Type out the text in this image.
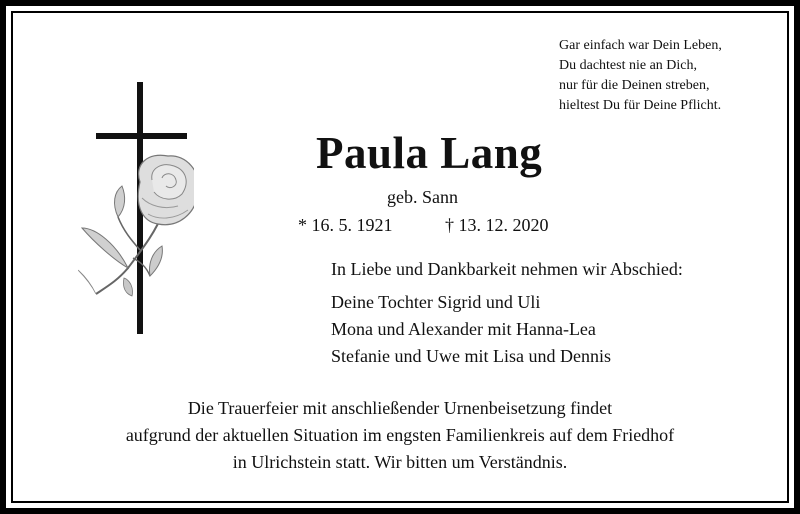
Gar einfach war Dein Leben,
Du dachtest nie an Dich,
nur für die Deinen streben,
hieltest Du für Deine Pflicht.
Paula Lang
geb. Sann
* 16. 5. 1921	† 13. 12. 2020
In Liebe und Dankbarkeit nehmen wir Abschied:
Deine Tochter Sigrid und Uli
Mona und Alexander mit Hanna-Lea
Stefanie und Uwe mit Lisa und Dennis
Die Trauerfeier mit anschließender Urnenbeisetzung findet
aufgrund der aktuellen Situation im engsten Familienkreis auf dem Friedhof
in Ulrichstein statt. Wir bitten um Verständnis.
